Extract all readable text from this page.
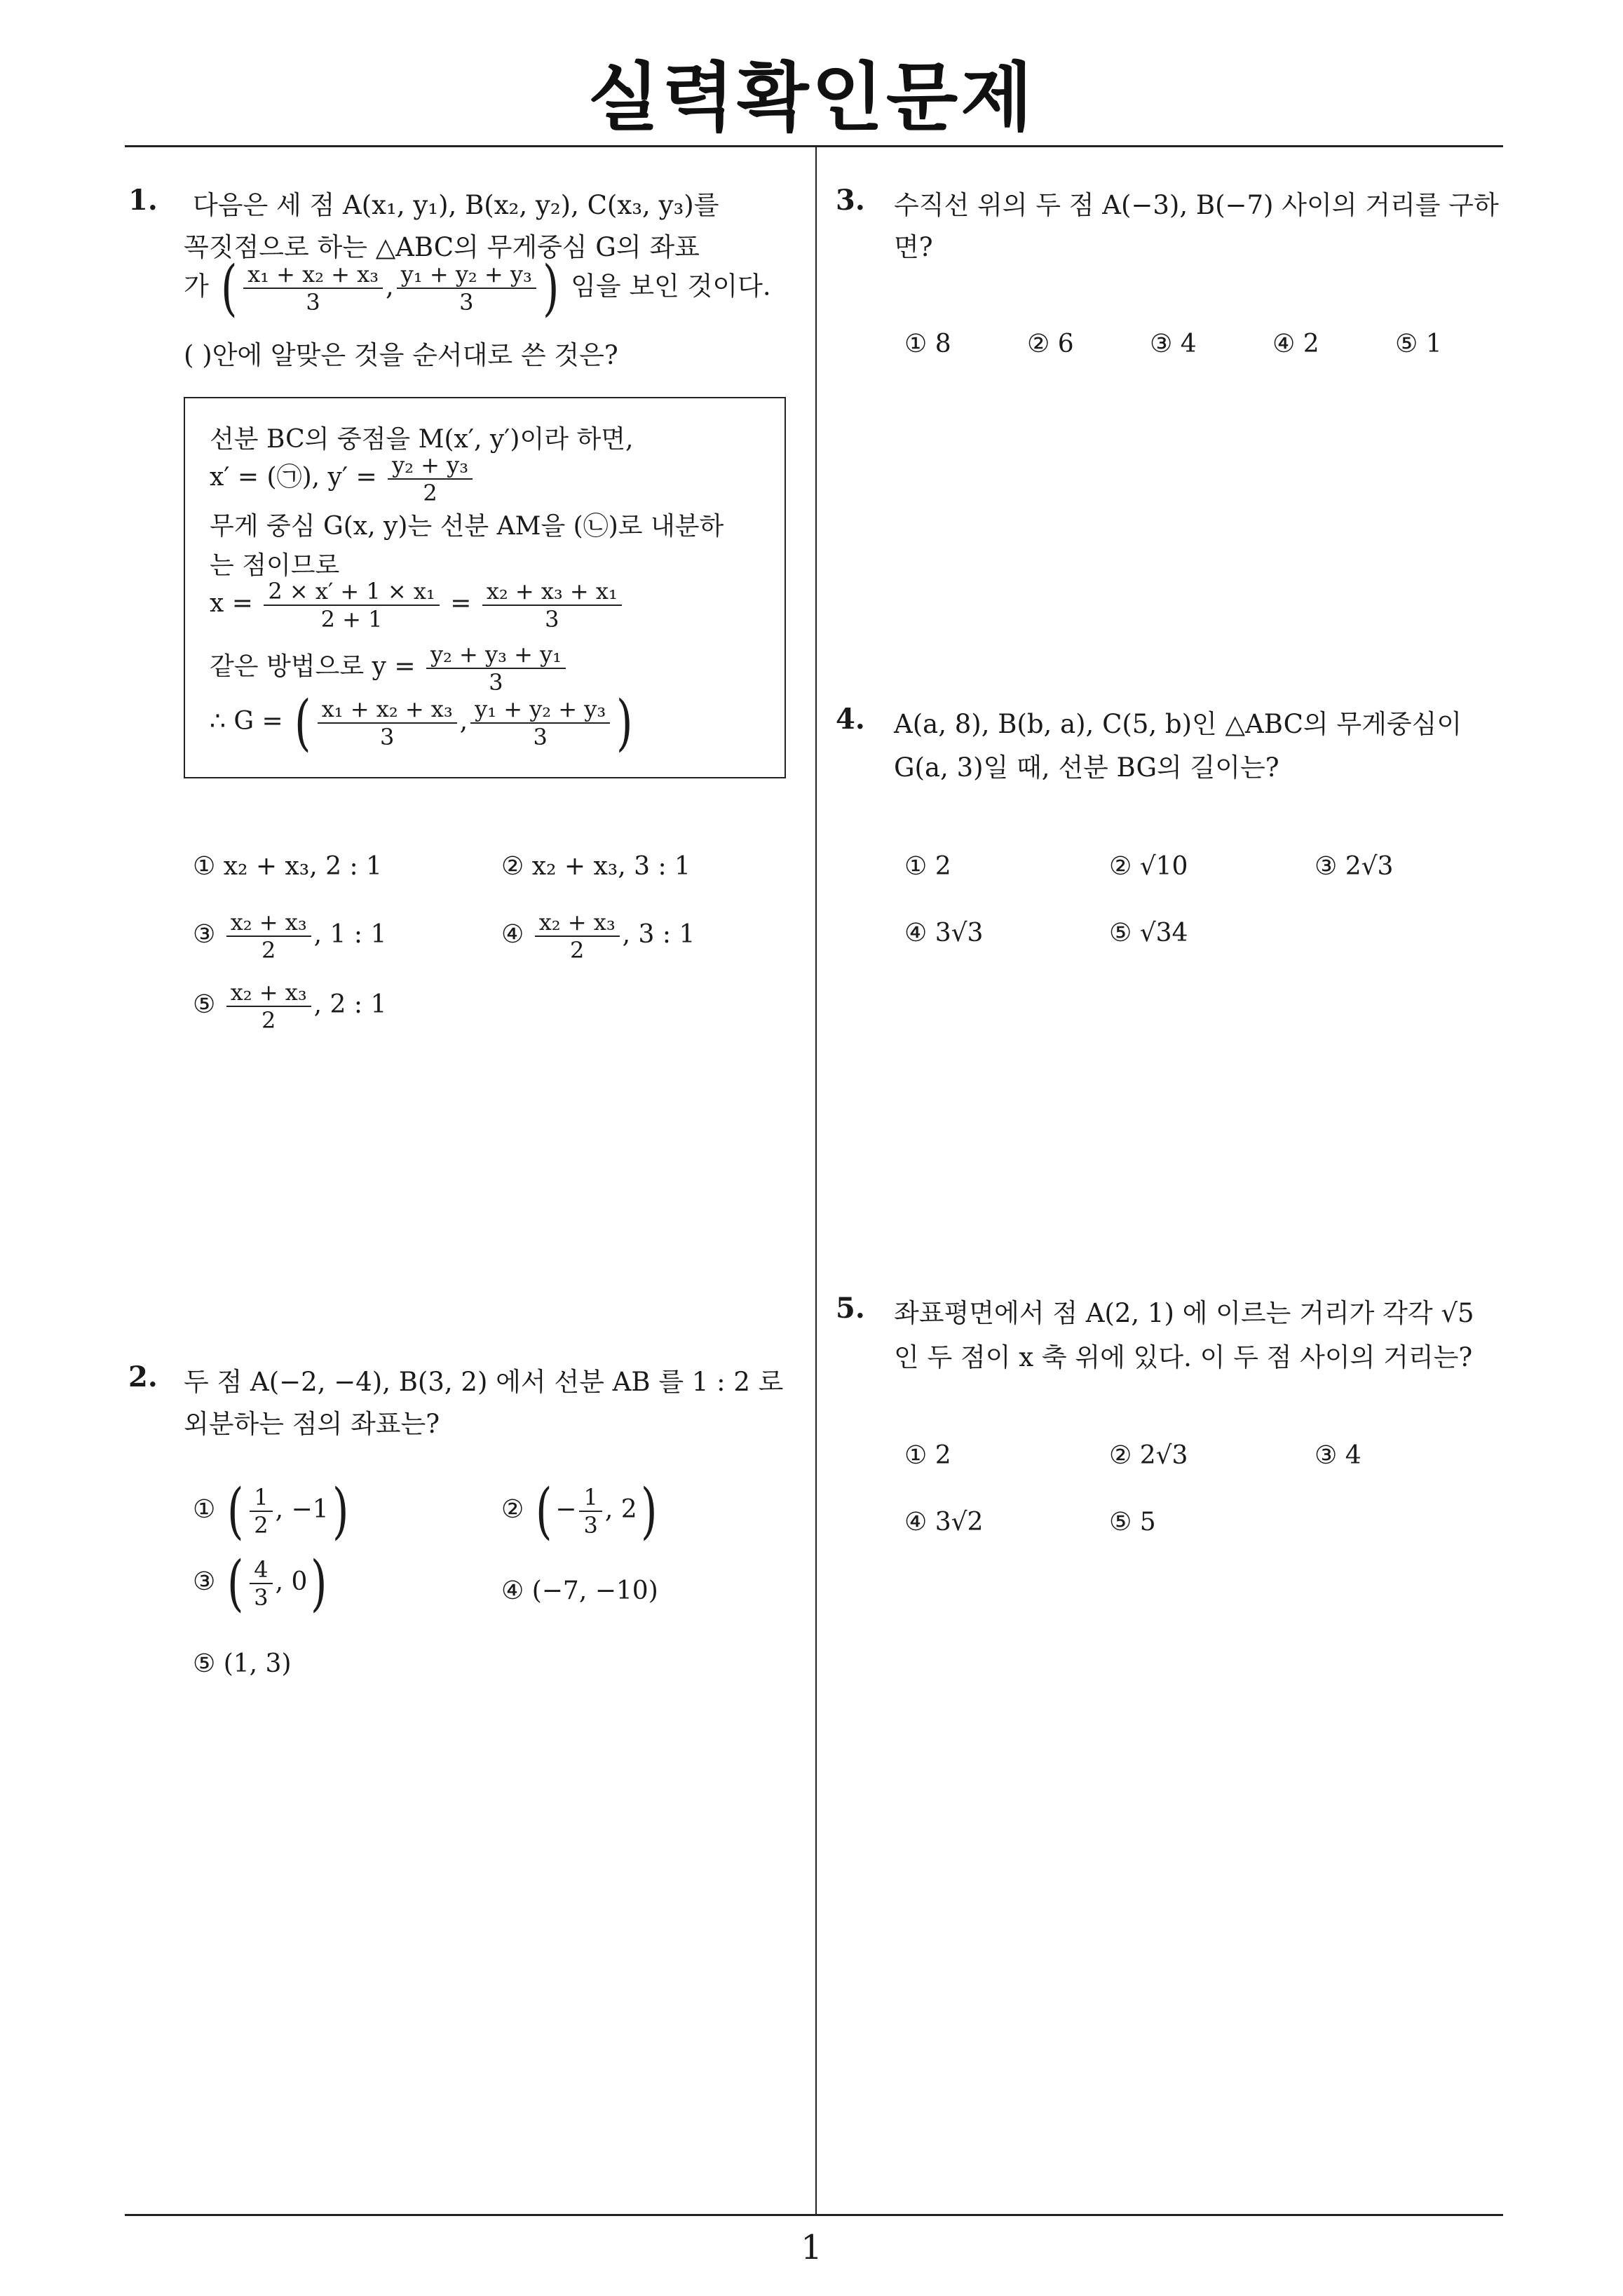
실력확인문제
1. 다음은 세 점 A(x₁, y₁), B(x₂, y₂), C(x₃, y₃)를
꼭짓점으로 하는 △ABC의 무게중심 G의 좌표
가 ( $\frac{\text{x₁ + x₂ + x₃}}{3}$ , $\frac{\text{y₁ + y₂ + y₃}}{3}$ ) 임을 보인 것이다.
( )안에 알맞은 것을 순서대로 쓴 것은?
선분 BC의 중점을 M(x′, y′)이라 하면,
x′ = (㉠), $y' = \frac{\text{y₂ + y₃}}{2}$
무게 중심 G(x, y)는 선분 AM을 (㉡)로 내분하
는 점이므로
$x = \frac{\text{2 × x′ + 1 × x₁}}{2 + 1} = \frac{\text{x₂ + x₃ + x₁}}{3}$
같은 방법으로 $y = \frac{\text{y₂ + y₃ + y₁}}{3}$
∴ G = ( $\frac{\text{x₁ + x₂ + x₃}}{3}$ , $\frac{\text{y₁ + y₂ + y₃}}{3}$ )
① x₂ + x₃, 2 : 1	② x₂ + x₃, 3 : 1
③ $\frac{\text{x₂ + x₃}}{2}$ , 1 : 1	④ $\frac{\text{x₂ + x₃}}{2}$ , 3 : 1
⑤ $\frac{\text{x₂ + x₃}}{2}$ , 2 : 1
2. 두 점 A(−2, −4), B(3, 2) 에서 선분 AB 를 1 : 2 로
외분하는 점의 좌표는?
① ( $\frac{1}{2}$ , −1)	② ( − $\frac{1}{3}$ , 2)
③ ( $\frac{4}{3}$ , 0)	④ (−7, −10)
⑤ (1, 3)
3. 수직선 위의 두 점 A(−3), B(−7) 사이의 거리를 구하
면?
① 8	② 6	③ 4	④ 2	⑤ 1
4. A(a, 8), B(b, a), C(5, b)인 △ABC의 무게중심이
G(a, 3)일 때, 선분 BG의 길이는?
① 2	② √10	③ 2√3
④ 3√3	⑤ √34
5. 좌표평면에서 점 A(2, 1) 에 이르는 거리가 각각 √5
인 두 점이 x 축 위에 있다. 이 두 점 사이의 거리는?
① 2	② 2√3	③ 4
④ 3√2	⑤ 5
1
